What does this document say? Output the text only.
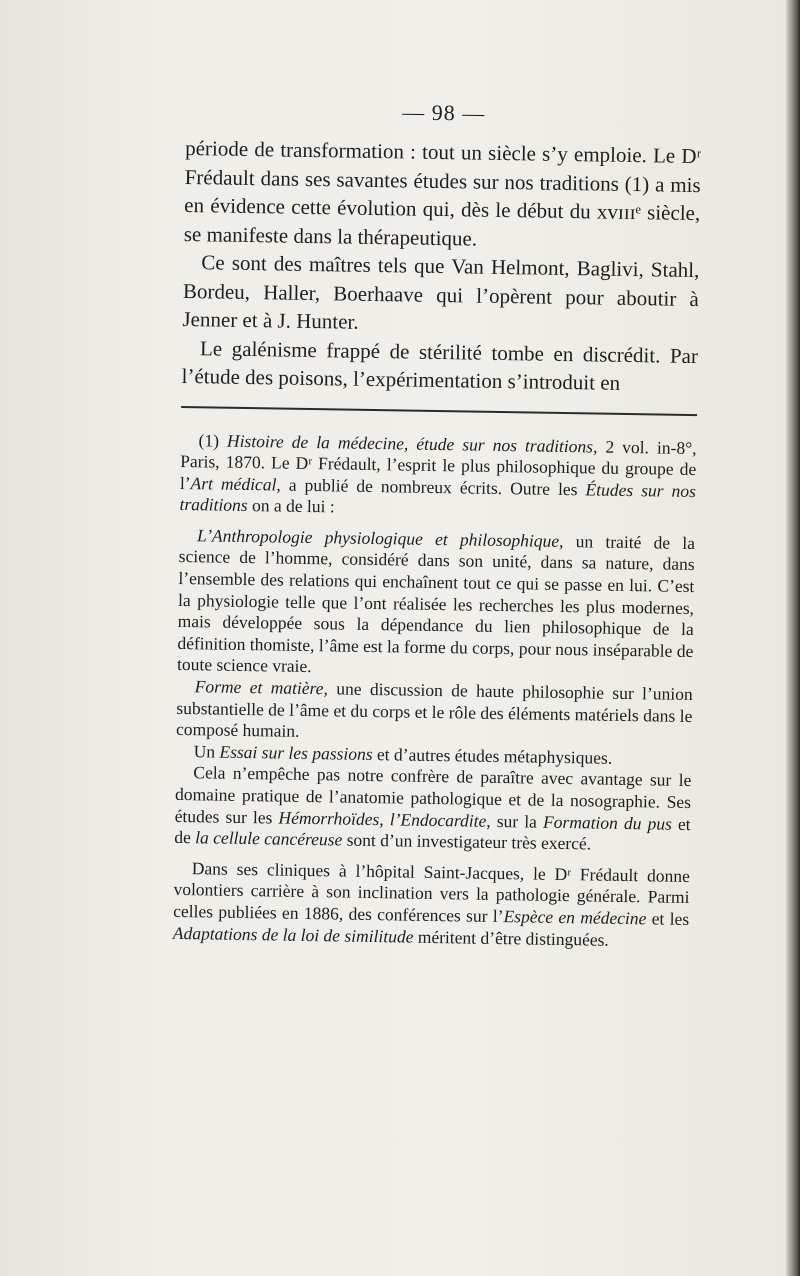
— 98 —

période de transformation : tout un siècle s’y emploie. Le Dʳ Frédault dans ses savantes études sur nos traditions (1) a mis en évidence cette évolution qui, dès le début du xvɪɪɪᵉ siècle, se manifeste dans la thérapeutique.

Ce sont des maîtres tels que Van Helmont, Baglivi, Stahl, Bordeu, Haller, Boerhaave qui l’opèrent pour aboutir à Jenner et à J. Hunter.

Le galénisme frappé de stérilité tombe en discrédit. Par l’étude des poisons, l’expérimentation s’introduit en

(1) Histoire de la médecine, étude sur nos traditions, 2 vol. in-8°, Paris, 1870. Le Dʳ Frédault, l’esprit le plus philosophique du groupe de l’Art médical, a publié de nombreux écrits. Outre les Études sur nos traditions on a de lui :

L’Anthropologie physiologique et philosophique, un traité de la science de l’homme, considéré dans son unité, dans sa nature, dans l’ensemble des relations qui enchaînent tout ce qui se passe en lui. C’est la physiologie telle que l’ont réalisée les recherches les plus modernes, mais développée sous la dépendance du lien philosophique de la définition thomiste, l’âme est la forme du corps, pour nous inséparable de toute science vraie.

Forme et matière, une discussion de haute philosophie sur l’union substantielle de l’âme et du corps et le rôle des éléments matériels dans le composé humain.

Un Essai sur les passions et d’autres études métaphysiques.

Cela n’empêche pas notre confrère de paraître avec avantage sur le domaine pratique de l’anatomie pathologique et de la nosographie. Ses études sur les Hémorrhoïdes, l’Endocardite, sur la Formation du pus et de la cellule cancéreuse sont d’un investigateur très exercé.

Dans ses cliniques à l’hôpital Saint-Jacques, le Dʳ Frédault donne volontiers carrière à son inclination vers la pathologie générale. Parmi celles publiées en 1886, des conférences sur l’Espèce en médecine et les Adaptations de la loi de similitude méritent d’être distinguées.
